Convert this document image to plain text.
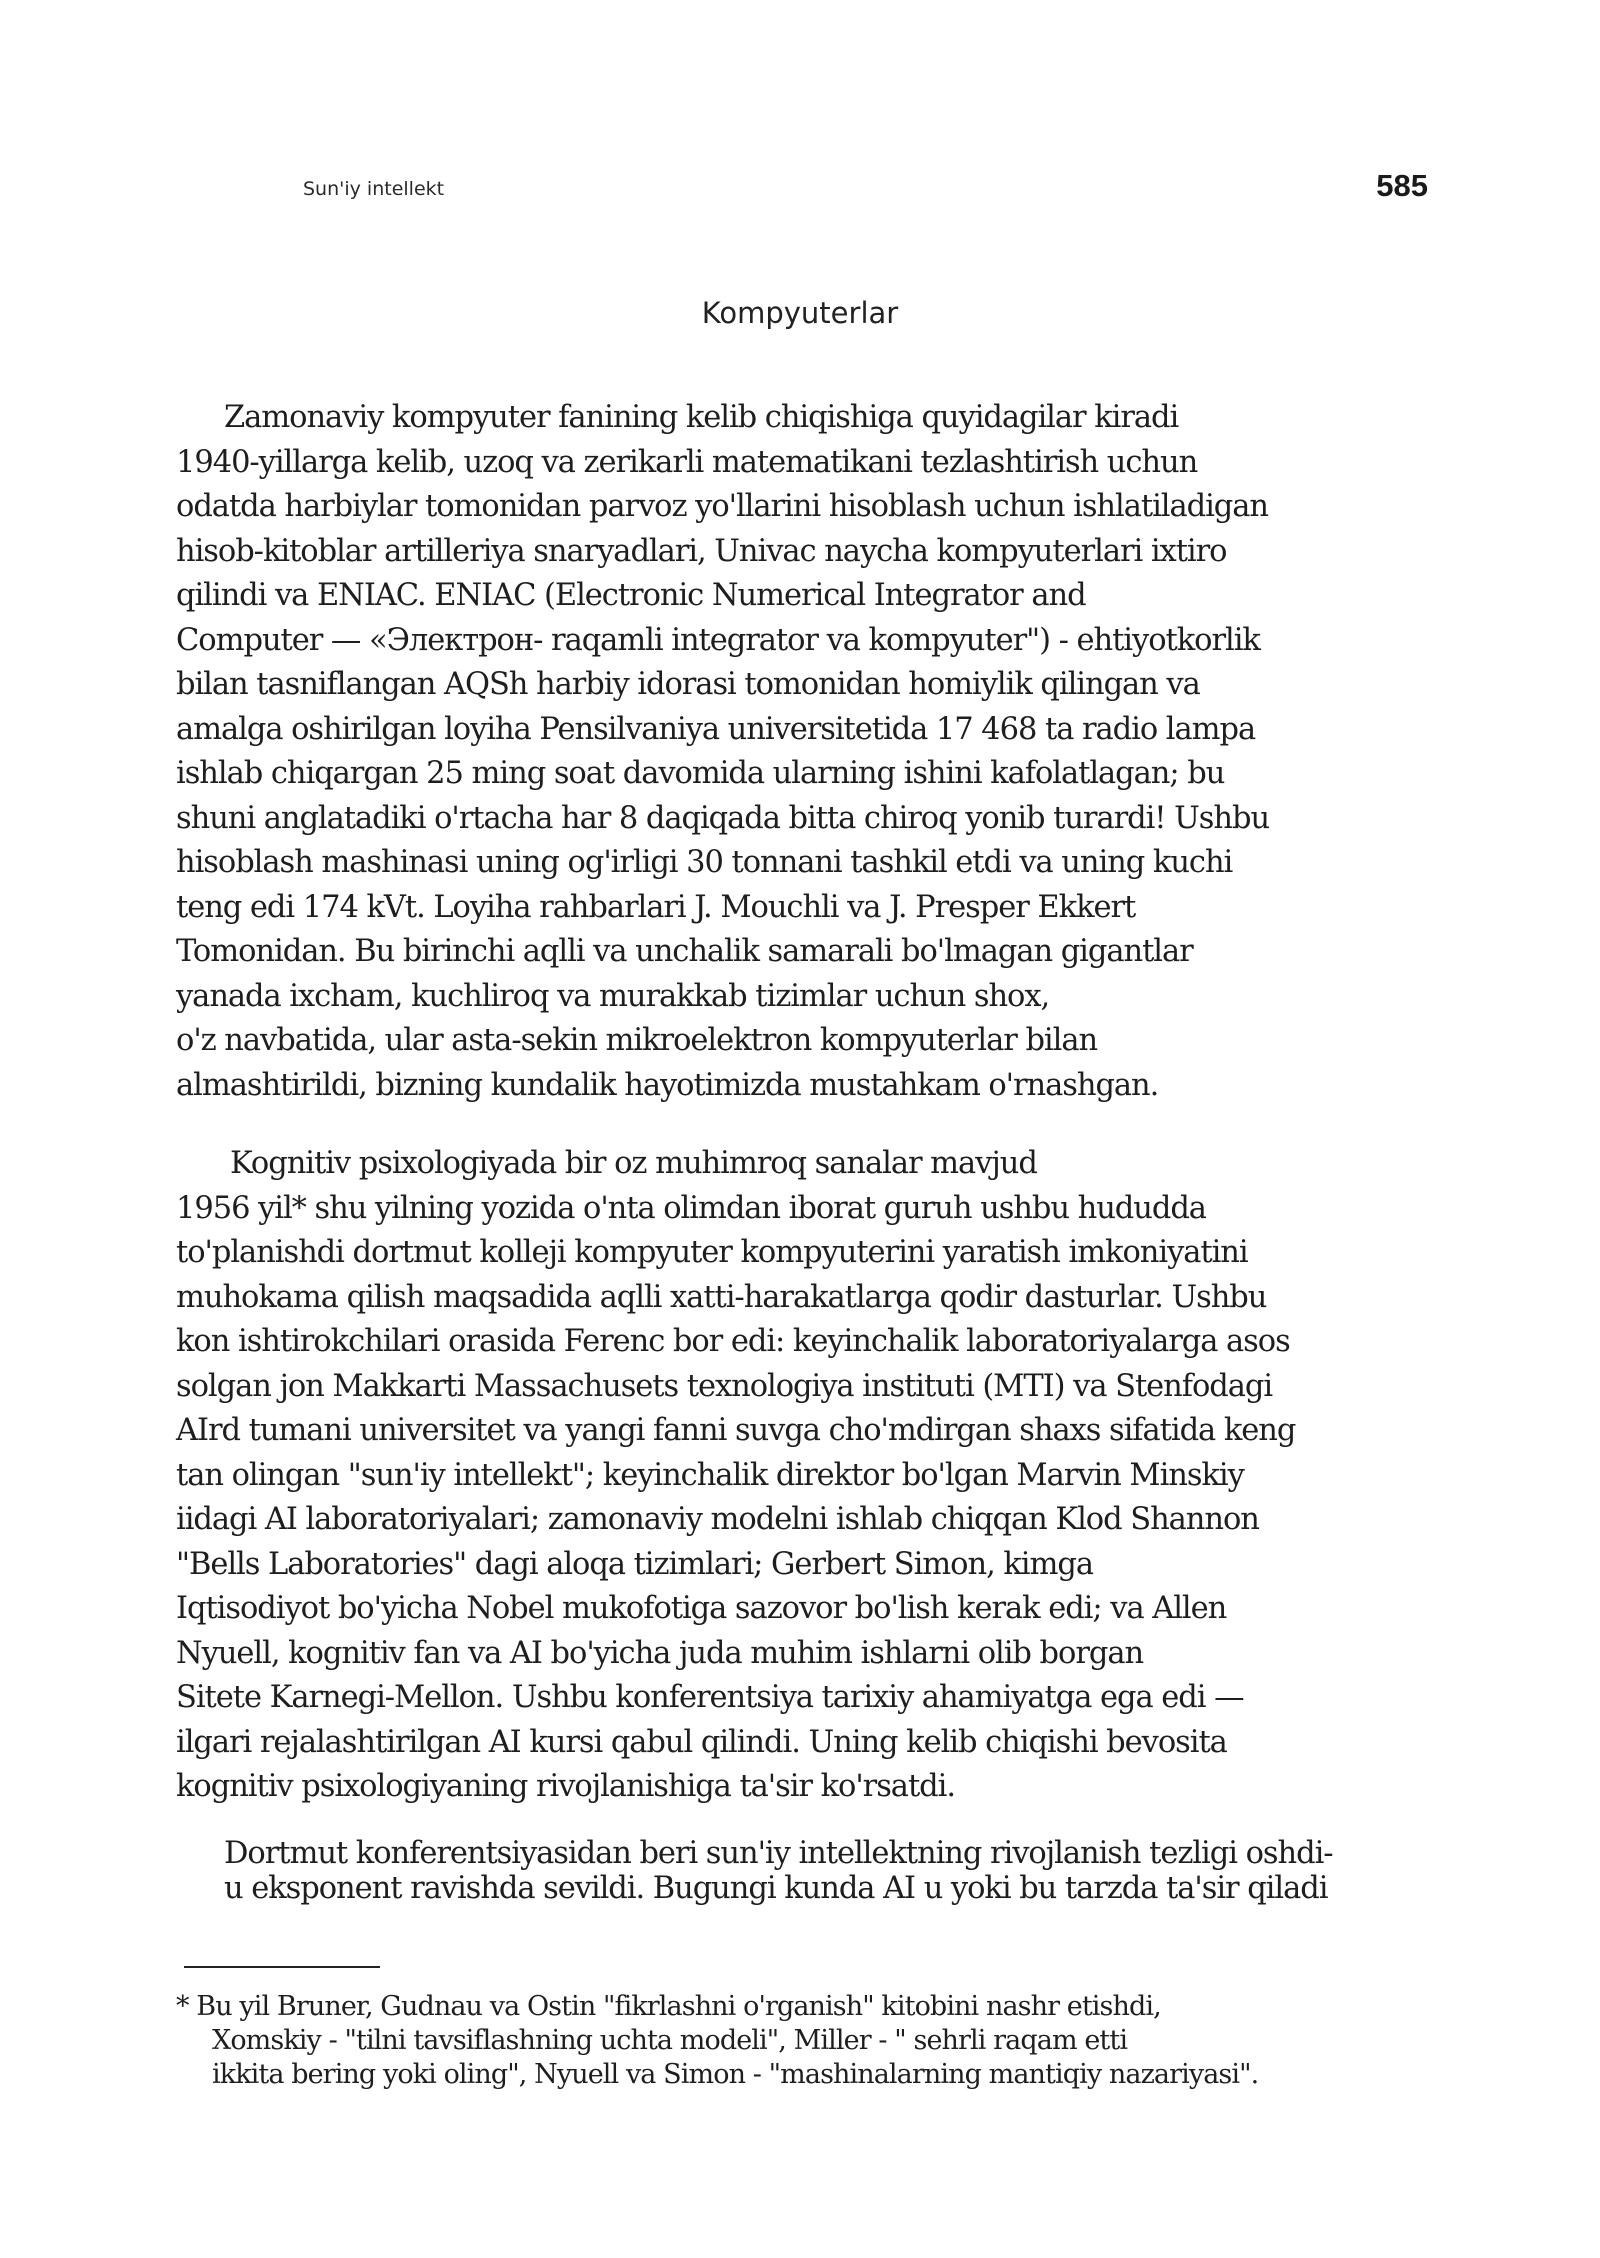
Sun'iy intellekt	585
Kompyuterlar
Zamonaviy kompyuter fanining kelib chiqishiga quyidagilar kiradi
1940-yillarga kelib, uzoq va zerikarli matematikani tezlashtirish uchun
odatda harbiylar tomonidan parvoz yo'llarini hisoblash uchun ishlatiladigan
hisob-kitoblar artilleriya snaryadlari, Univac naycha kompyuterlari ixtiro
qilindi va ENIAC. ENIAC (Electronic Numerical Integrator and
Computer — «Электрон- raqamli integrator va kompyuter") - ehtiyotkorlik
bilan tasniflangan AQSh harbiy idorasi tomonidan homiylik qilingan va
amalga oshirilgan loyiha Pensilvaniya universitetida 17 468 ta radio lampa
ishlab chiqargan 25 ming soat davomida ularning ishini kafolatlagan; bu
shuni anglatadiki o'rtacha har 8 daqiqada bitta chiroq yonib turardi! Ushbu
hisoblash mashinasi uning og'irligi 30 tonnani tashkil etdi va uning kuchi
teng edi 174 kVt. Loyiha rahbarlari J. Mouchli va J. Presper Ekkert
Tomonidan. Bu birinchi aqlli va unchalik samarali bo'lmagan gigantlar
yanada ixcham, kuchliroq va murakkab tizimlar uchun shox,
o'z navbatida, ular asta-sekin mikroelektron kompyuterlar bilan
almashtirildi, bizning kundalik hayotimizda mustahkam o'rnashgan.
Kognitiv psixologiyada bir oz muhimroq sanalar mavjud
1956 yil* shu yilning yozida o'nta olimdan iborat guruh ushbu hududda
to'planishdi dortmut kolleji kompyuter kompyuterini yaratish imkoniyatini
muhokama qilish maqsadida aqlli xatti-harakatlarga qodir dasturlar. Ushbu
kon ishtirokchilari orasida Ferenc bor edi: keyinchalik laboratoriyalarga asos
solgan jon Makkarti Massachusets texnologiya instituti (MTI) va Stenfodagi
AIrd tumani universitet va yangi fanni suvga cho'mdirgan shaxs sifatida keng
tan olingan "sun'iy intellekt"; keyinchalik direktor bo'lgan Marvin Minskiy
iidagi AI laboratoriyalari; zamonaviy modelni ishlab chiqqan Klod Shannon
"Bells Laboratories" dagi aloqa tizimlari; Gerbert Simon, kimga
Iqtisodiyot bo'yicha Nobel mukofotiga sazovor bo'lish kerak edi; va Allen
Nyuell, kognitiv fan va AI bo'yicha juda muhim ishlarni olib borgan
Sitete Karnegi-Mellon. Ushbu konferentsiya tarixiy ahamiyatga ega edi —
ilgari rejalashtirilgan AI kursi qabul qilindi. Uning kelib chiqishi bevosita
kognitiv psixologiyaning rivojlanishiga ta'sir ko'rsatdi.
Dortmut konferentsiyasidan beri sun'iy intellektning rivojlanish tezligi oshdi-
u eksponent ravishda sevildi. Bugungi kunda AI u yoki bu tarzda ta'sir qiladi
* Bu yil Bruner, Gudnau va Ostin "fikrlashni o'rganish" kitobini nashr etishdi,
Xomskiy - "tilni tavsiflashning uchta modeli", Miller - " sehrli raqam etti
ikkita bering yoki oling", Nyuell va Simon - "mashinalarning mantiqiy nazariyasi".
